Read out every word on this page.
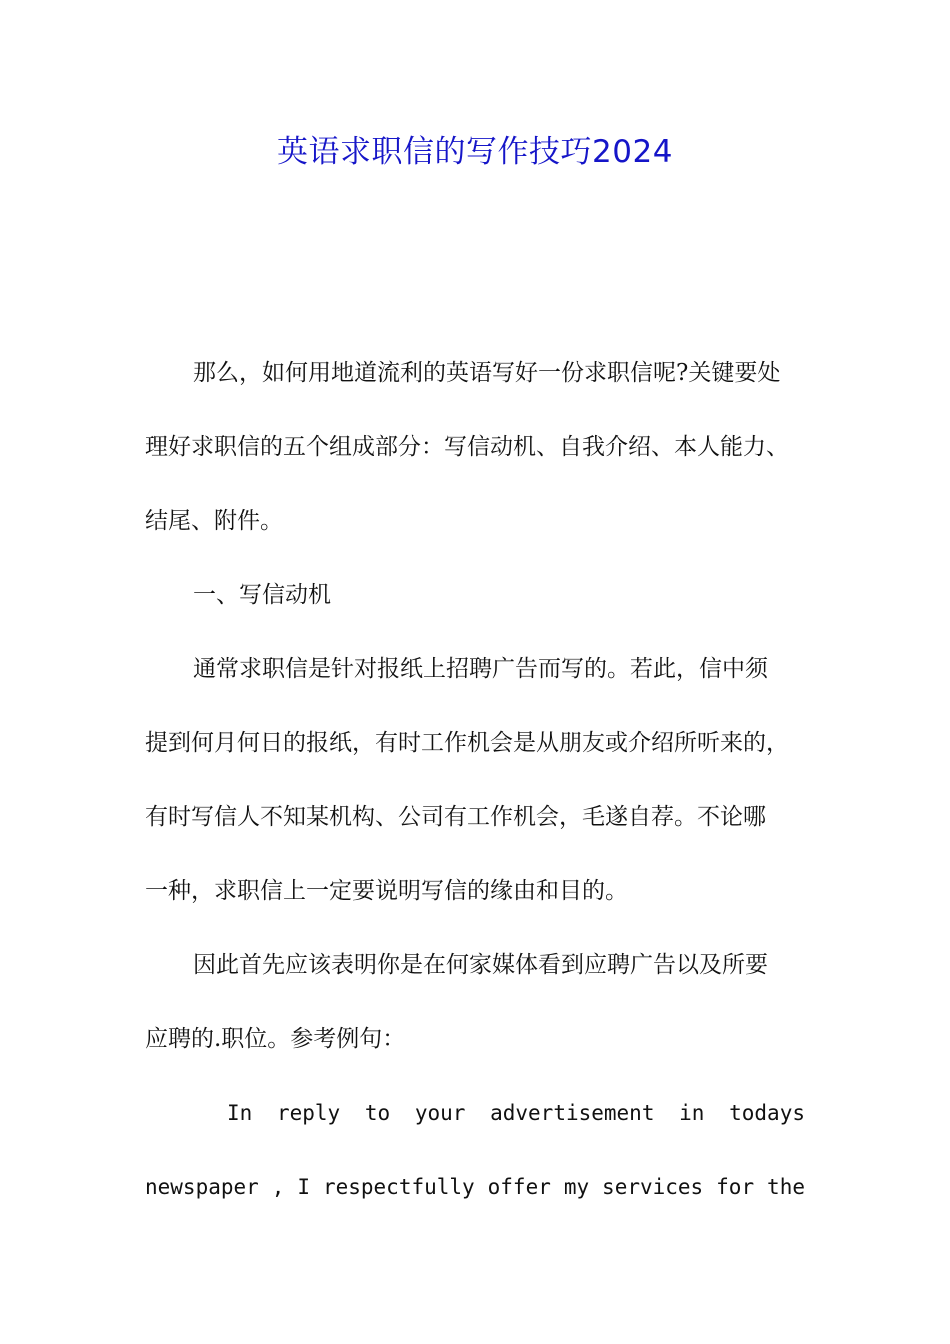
英语求职信的写作技巧2024

那么，如何用地道流利的英语写好一份求职信呢?关键要处

理好求职信的五个组成部分：写信动机、自我介绍、本人能力、

结尾、附件。

一、写信动机

通常求职信是针对报纸上招聘广告而写的。若此，信中须

提到何月何日的报纸，有时工作机会是从朋友或介绍所听来的，

有时写信人不知某机构、公司有工作机会，毛遂自荐。不论哪

一种，求职信上一定要说明写信的缘由和目的。

因此首先应该表明你是在何家媒体看到应聘广告以及所要

应聘的.职位。参考例句：

In reply to your advertisement in todays

newspaper , I respectfully offer my services for the
